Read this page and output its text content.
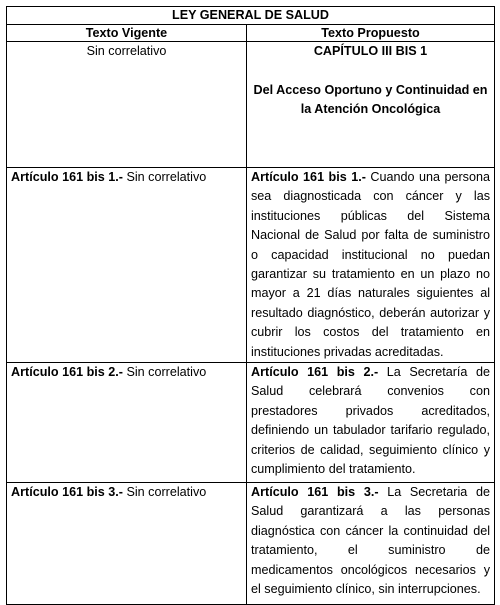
LEY GENERAL DE SALUD	
Texto Vigente	Texto Propuesto
Sin correlativo	CAPÍTULO III BIS 1
Del Acceso Oportuno y Continuidad en la Atención Oncológica

Artículo 161 bis 1.- Sin correlativo	Artículo 161 bis 1.- Cuando una persona sea diagnosticada con cáncer y las instituciones públicas del Sistema Nacional de Salud por falta de suministro o capacidad institucional no puedan garantizar su tratamiento en un plazo no mayor a 21 días naturales siguientes al resultado diagnóstico, deberán autorizar y cubrir los costos del tratamiento en instituciones privadas acreditadas.
Artículo 161 bis 2.- Sin correlativo	Artículo 161 bis 2.- La Secretaría de Salud celebrará convenios con prestadores privados acreditados, definiendo un tabulador tarifario regulado, criterios de calidad, seguimiento clínico y cumplimiento del tratamiento.
Artículo 161 bis 3.- Sin correlativo	Artículo 161 bis 3.- La Secretaria de Salud garantizará a las personas diagnóstica con cáncer la continuidad del tratamiento, el suministro de medicamentos oncológicos necesarios y el seguimiento clínico, sin interrupciones.
